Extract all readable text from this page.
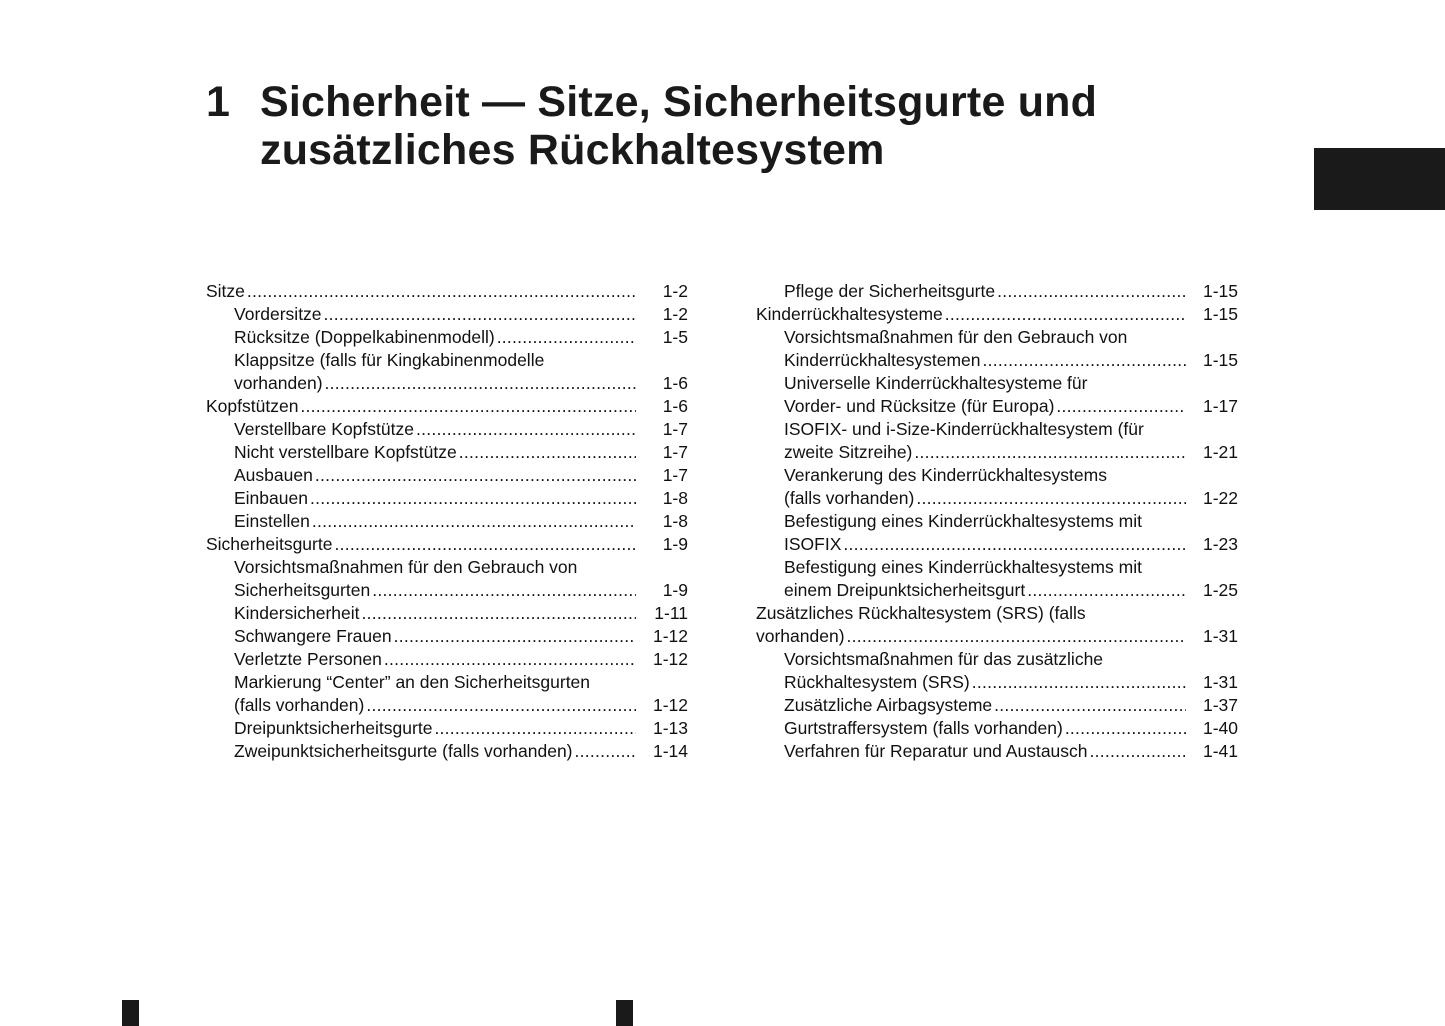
1 Sicherheit — Sitze, Sicherheitsgurte und
zusätzliches Rückhaltesystem
Sitze . . .	1-2
Vordersitze . . .	1-2
Rücksitze (Doppelkabinenmodell) . . .	1-5
Klappsitze (falls für Kingkabinenmodelle
vorhanden) . . .	1-6
Kopfstützen . . .	1-6
Verstellbare Kopfstütze . . .	1-7
Nicht verstellbare Kopfstütze . . .	1-7
Ausbauen . . .	1-7
Einbauen . . .	1-8
Einstellen . . .	1-8
Sicherheitsgurte . . .	1-9
Vorsichtsmaßnahmen für den Gebrauch von
Sicherheitsgurten . . .	1-9
Kindersicherheit . . .	1-11
Schwangere Frauen . . .	1-12
Verletzte Personen . . .	1-12
Markierung “Center” an den Sicherheitsgurten
(falls vorhanden) . . .	1-12
Dreipunktsicherheitsgurte . . .	1-13
Zweipunktsicherheitsgurte (falls vorhanden) . . .	1-14
Pflege der Sicherheitsgurte . . .	1-15
Kinderrückhaltesysteme . . .	1-15
Vorsichtsmaßnahmen für den Gebrauch von
Kinderrückhaltesystemen . . .	1-15
Universelle Kinderrückhaltesysteme für
Vorder- und Rücksitze (für Europa) . . .	1-17
ISOFIX- und i-Size-Kinderrückhaltesystem (für
zweite Sitzreihe) . . .	1-21
Verankerung des Kinderrückhaltesystems
(falls vorhanden) . . .	1-22
Befestigung eines Kinderrückhaltesystems mit
ISOFIX . . .	1-23
Befestigung eines Kinderrückhaltesystems mit
einem Dreipunktsicherheitsgurt . . .	1-25
Zusätzliches Rückhaltesystem (SRS) (falls
vorhanden) . . .	1-31
Vorsichtsmaßnahmen für das zusätzliche
Rückhaltesystem (SRS) . . .	1-31
Zusätzliche Airbagsysteme . . .	1-37
Gurtstraffersystem (falls vorhanden) . . .	1-40
Verfahren für Reparatur und Austausch . . .	1-41
